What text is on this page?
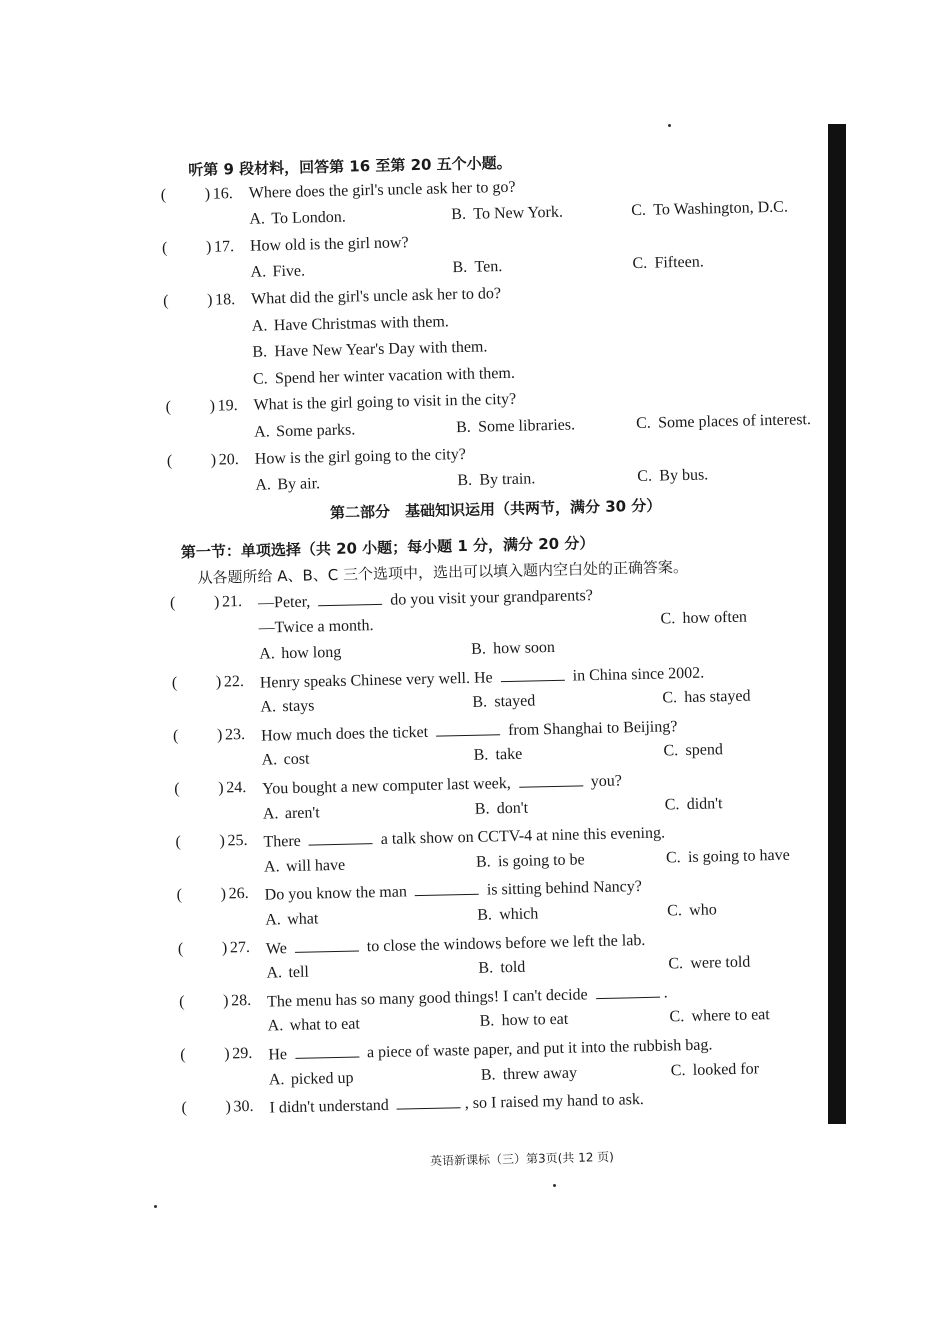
听第 9 段材料，回答第 16 至第 20 五个小题。
( )
16. Where does the girl's uncle ask her to go?
A. To London.	B. To New York.	C. To Washington, D.C.
( )
17. How old is the girl now?
A. Five.	B. Ten.	C. Fifteen.
( )
18. What did the girl's uncle ask her to do?
A. Have Christmas with them.
B. Have New Year's Day with them.
C. Spend her winter vacation with them.
( )
19. What is the girl going to visit in the city?
A. Some parks.	B. Some libraries.	C. Some places of interest.
( )
20. How is the girl going to the city?
A. By air.	B. By train.	C. By bus.
第二部分　基础知识运用（共两节，满分 30 分）
第一节：单项选择（共 20 小题；每小题 1 分，满分 20 分）
从各题所给 A、B、C 三个选项中，选出可以填入题内空白处的正确答案。
( )
21. —Peter,	do you visit your grandparents?
—Twice a month.	C. how often
A. how long	B. how soon
( )
22. Henry speaks Chinese very well. He	in China since 2002.
A. stays	B. stayed	C. has stayed
( )
23. How much does the ticket	from Shanghai to Beijing?
A. cost	B. take	C. spend
( )
24. You bought a new computer last week,	you?
A. aren't	B. don't	C. didn't
( )
25. There	a talk show on CCTV-4 at nine this evening.
A. will have	B. is going to be	C. is going to have
( )
26. Do you know the man	is sitting behind Nancy?
A. what	B. which	C. who
( )
27. We	to close the windows before we left the lab.
A. tell	B. told	C. were told
( )
28. The menu has so many good things! I can't decide	.
A. what to eat	B. how to eat	C. where to eat
( )
29. He	a piece of waste paper, and put it into the rubbish bag.
A. picked up	B. threw away	C. looked for
( )
30. I didn't understand	, so I raised my hand to ask.
英语新课标（三）第3页(共 12 页)
